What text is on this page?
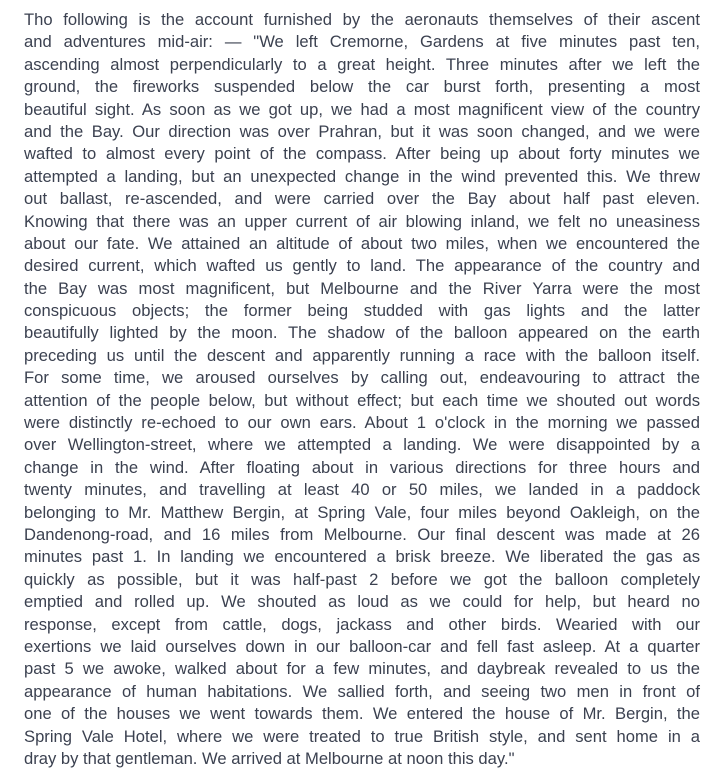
Tho following is the account furnished by the aeronauts themselves of their ascent
and adventures mid-air: — "We left Cremorne, Gardens at five minutes past ten,
ascending almost perpendicularly to a great height. Three minutes after we left the
ground, the fireworks suspended below the car burst forth, presenting a most
beautiful sight. As soon as we got up, we had a most magnificent view of the country
and the Bay. Our direction was over Prahran, but it was soon changed, and we were
wafted to almost every point of the compass. After being up about forty minutes we
attempted a landing, but an unexpected change in the wind prevented this. We threw
out ballast, re-ascended, and were carried over the Bay about half past eleven.
Knowing that there was an upper current of air blowing inland, we felt no uneasiness
about our fate. We attained an altitude of about two miles, when we encountered the
desired current, which wafted us gently to land. The appearance of the country and
the Bay was most magnificent, but Melbourne and the River Yarra were the most
conspicuous objects; the former being studded with gas lights and the latter
beautifully lighted by the moon. The shadow of the balloon appeared on the earth
preceding us until the descent and apparently running a race with the balloon itself.
For some time, we aroused ourselves by calling out, endeavouring to attract the
attention of the people below, but without effect; but each time we shouted out words
were distinctly re-echoed to our own ears. About 1 o'clock in the morning we passed
over Wellington-street, where we attempted a landing. We were disappointed by a
change in the wind. After floating about in various directions for three hours and
twenty minutes, and travelling at least 40 or 50 miles, we landed in a paddock
belonging to Mr. Matthew Bergin, at Spring Vale, four miles beyond Oakleigh, on the
Dandenong-road, and 16 miles from Melbourne. Our final descent was made at 26
minutes past 1. In landing we encountered a brisk breeze. We liberated the gas as
quickly as possible, but it was half-past 2 before we got the balloon completely
emptied and rolled up. We shouted as loud as we could for help, but heard no
response, except from cattle, dogs, jackass and other birds. Wearied with our
exertions we laid ourselves down in our balloon-car and fell fast asleep. At a quarter
past 5 we awoke, walked about for a few minutes, and daybreak revealed to us the
appearance of human habitations. We sallied forth, and seeing two men in front of
one of the houses we went towards them. We entered the house of Mr. Bergin, the
Spring Vale Hotel, where we were treated to true British style, and sent home in a
dray by that gentleman. We arrived at Melbourne at noon this day."
